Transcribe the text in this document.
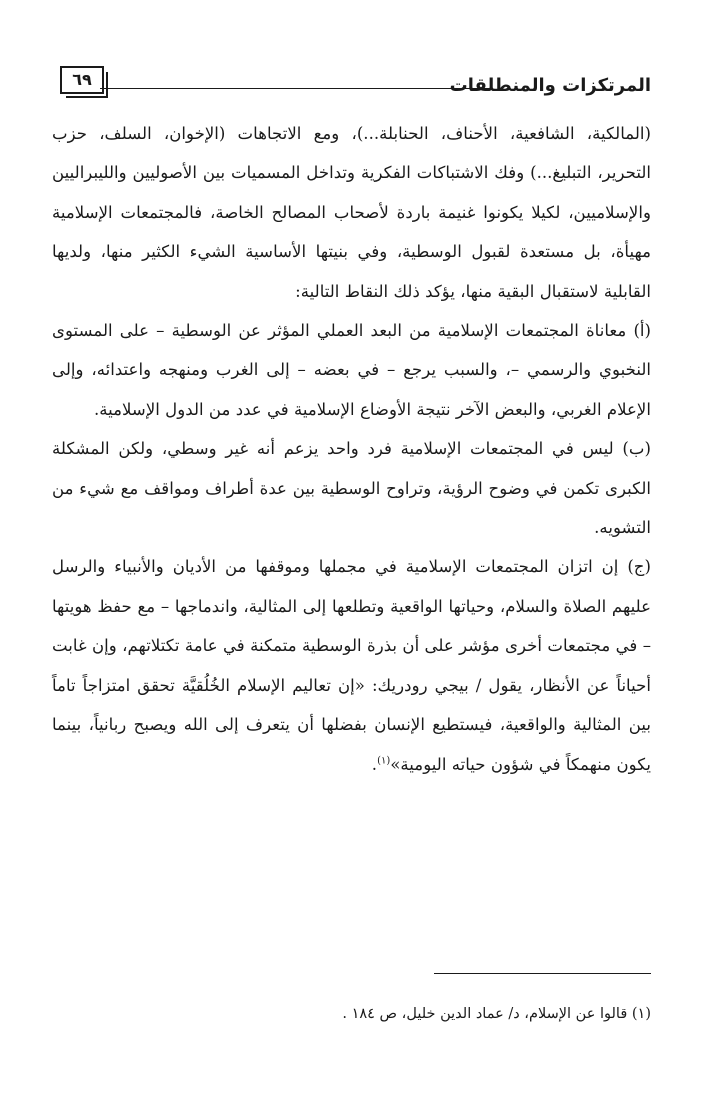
٦٩	المرتكزات والمنطلقات

(المالكية، الشافعية، الأحناف، الحنابلة...)، ومع الاتجاهات (الإخوان، السلف، حزب التحرير، التبليغ...) وفك الاشتباكات الفكرية وتداخل المسميات بين الأصوليين والليبراليين والإسلاميين، لكيلا يكونوا غنيمة باردة لأصحاب المصالح الخاصة، فالمجتمعات الإسلامية مهيأة، بل مستعدة لقبول الوسطية، وفي بنيتها الأساسية الشيء الكثير منها، ولديها القابلية لاستقبال البقية منها، يؤكد ذلك النقاط التالية:

(أ) معاناة المجتمعات الإسلامية من البعد العملي المؤثر عن الوسطية – على المستوى النخبوي والرسمي –، والسبب يرجع – في بعضه – إلى الغرب ومنهجه واعتدائه، وإلى الإعلام الغربي، والبعض الآخر نتيجة الأوضاع الإسلامية في عدد من الدول الإسلامية.

(ب) ليس في المجتمعات الإسلامية فرد واحد يزعم أنه غير وسطي، ولكن المشكلة الكبرى تكمن في وضوح الرؤية، وتراوح الوسطية بين عدة أطراف ومواقف مع شيء من التشويه.

(ج) إن اتزان المجتمعات الإسلامية في مجملها وموقفها من الأديان والأنبياء والرسل عليهم الصلاة والسلام، وحياتها الواقعية وتطلعها إلى المثالية، واندماجها – مع حفظ هويتها – في مجتمعات أخرى مؤشر على أن بذرة الوسطية متمكنة في عامة تكتلاتهم، وإن غابت أحياناً عن الأنظار، يقول / بيجي رودريك: «إن تعاليم الإسلام الخُلُقيَّة تحقق امتزاجاً تاماً بين المثالية والواقعية، فيستطيع الإنسان بفضلها أن يتعرف إلى الله ويصبح ربانياً، بينما يكون منهمكاً في شؤون حياته اليومية»$^{(١)}$.

(١) قالوا عن الإسلام، د/ عماد الدين خليل، ص ١٨٤ .
